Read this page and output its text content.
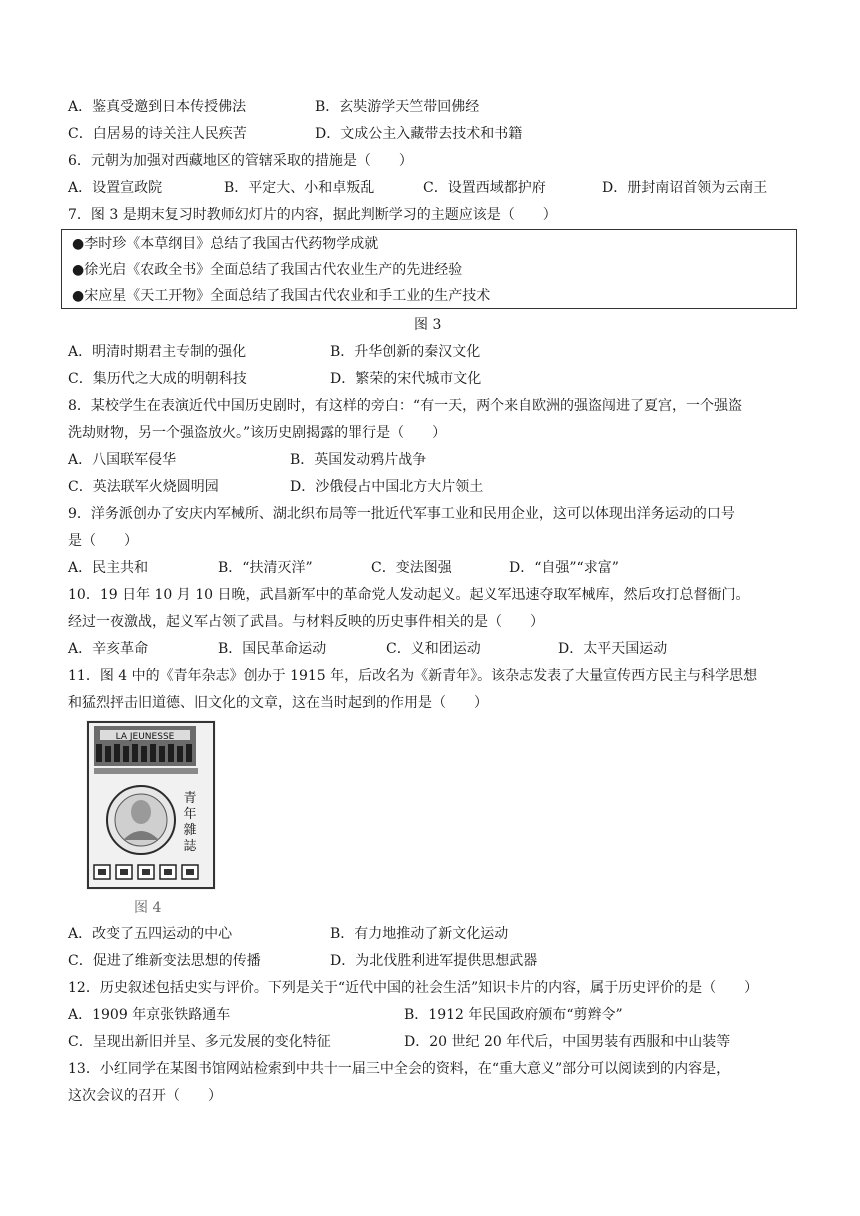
A．鉴真受邀到日本传授佛法	B．玄奘游学天竺带回佛经
C．白居易的诗关注人民疾苦	D．文成公主入藏带去技术和书籍
6．元朝为加强对西藏地区的管辖采取的措施是（　　）
A．设置宣政院	B．平定大、小和卓叛乱	C．设置西域都护府	D．册封南诏首领为云南王
7．图 3 是期末复习时教师幻灯片的内容，据此判断学习的主题应该是（　　）
●李时珍《本草纲目》总结了我国古代药物学成就
●徐光启《农政全书》全面总结了我国古代农业生产的先进经验
●宋应星《天工开物》全面总结了我国古代农业和手工业的生产技术
图 3
A．明清时期君主专制的强化	B．升华创新的秦汉文化
C．集历代之大成的明朝科技	D．繁荣的宋代城市文化
8．某校学生在表演近代中国历史剧时，有这样的旁白：“有一天，两个来自欧洲的强盗闯进了夏宫，一个强盗
洗劫财物，另一个强盗放火。”该历史剧揭露的罪行是（　　）
A．八国联军侵华	B．英国发动鸦片战争
C．英法联军火烧圆明园	D．沙俄侵占中国北方大片领土
9．洋务派创办了安庆内军械所、湖北织布局等一批近代军事工业和民用企业，这可以体现出洋务运动的口号
是（　　）
A．民主共和	B．“扶清灭洋”	C．变法图强	D．“自强”“求富”
10．19 日年 10 月 10 日晚，武昌新军中的革命党人发动起义。起义军迅速夺取军械库，然后攻打总督衙门。
经过一夜激战，起义军占领了武昌。与材料反映的历史事件相关的是（　　）
A．辛亥革命	B．国民革命运动	C．义和团运动	D．太平天国运动
11．图 4 中的《青年杂志》创办于 1915 年，后改名为《新青年》。该杂志发表了大量宣传西方民主与科学思想
和猛烈抨击旧道德、旧文化的文章，这在当时起到的作用是（　　）
LA JEUNESSE
青
年
雜
誌
图 4
A．改变了五四运动的中心	B．有力地推动了新文化运动
C．促进了维新变法思想的传播	D．为北伐胜利进军提供思想武器
12．历史叙述包括史实与评价。下列是关于“近代中国的社会生活”知识卡片的内容，属于历史评价的是（　　）
A．1909 年京张铁路通车	B．1912 年民国政府颁布“剪辫令”
C．呈现出新旧并呈、多元发展的变化特征	D．20 世纪 20 年代后，中国男装有西服和中山装等
13．小红同学在某图书馆网站检索到中共十一届三中全会的资料，在“重大意义”部分可以阅读到的内容是，
这次会议的召开（　　）
